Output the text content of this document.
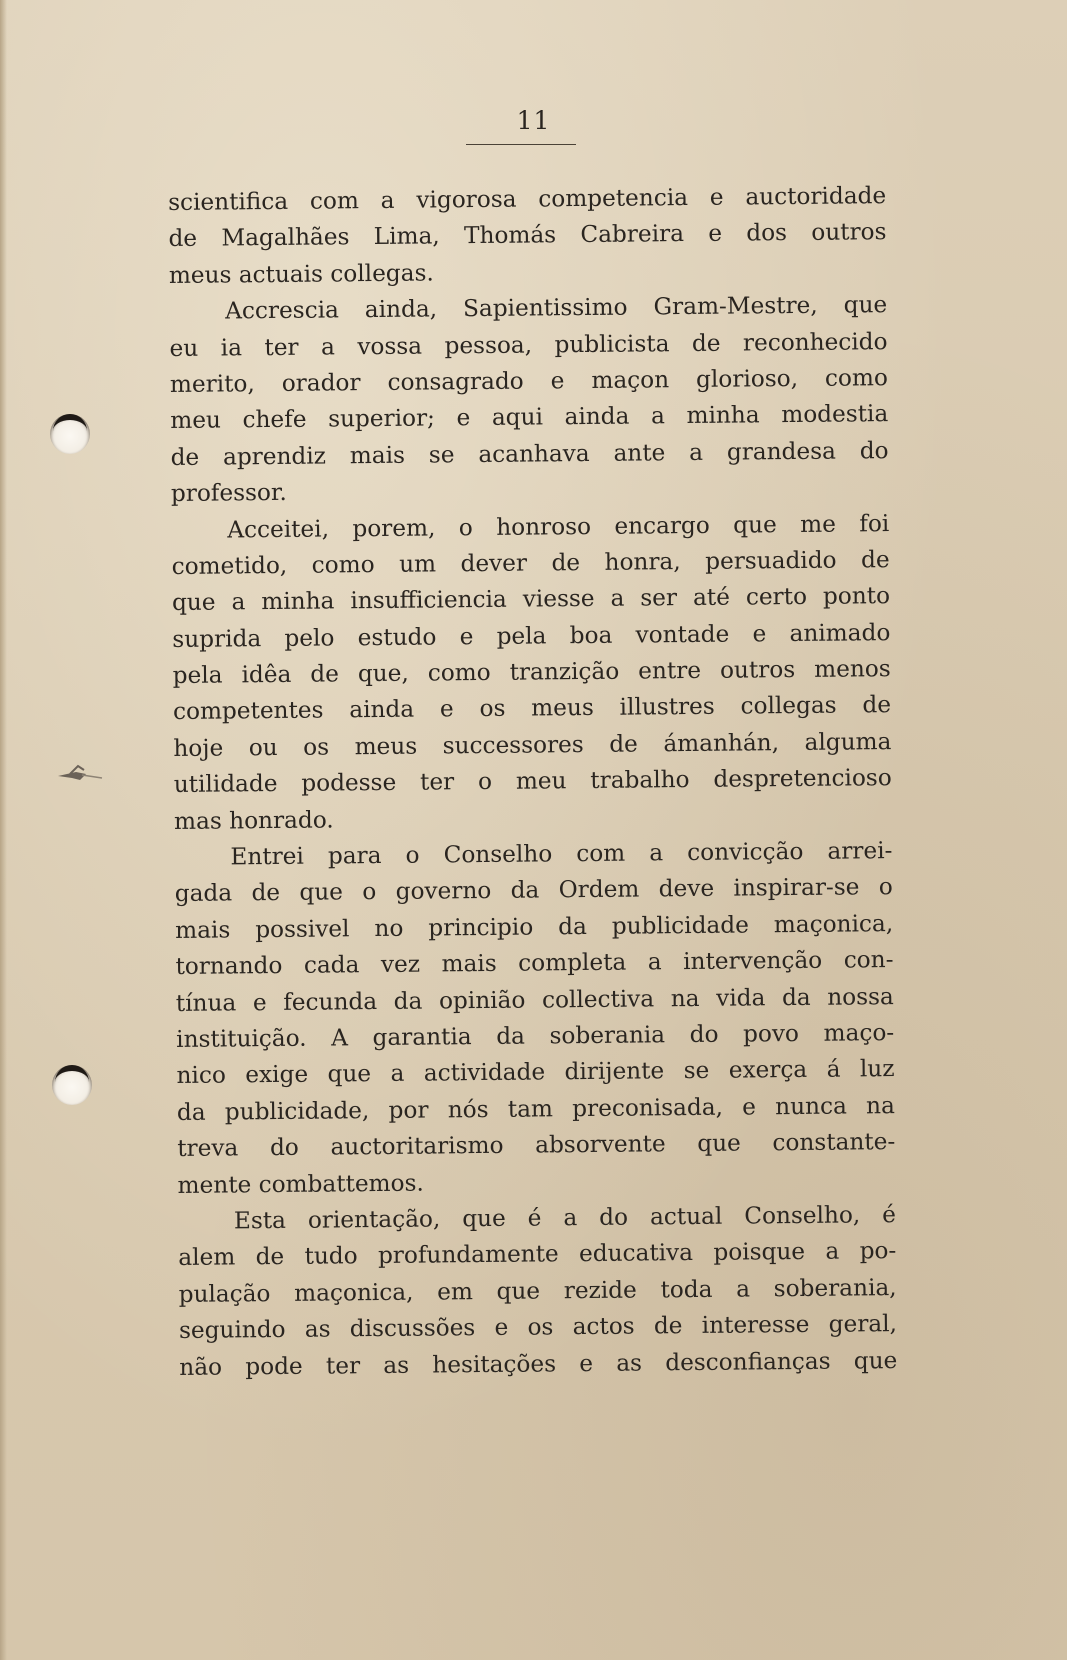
11
scientifica com a vigorosa competencia e auctoridade
de Magalhães Lima, Thomás Cabreira e dos outros
meus actuais collegas.
Accrescia ainda, Sapientissimo Gram-Mestre, que
eu ia ter a vossa pessoa, publicista de reconhecido
merito, orador consagrado e maçon glorioso, como
meu chefe superior; e aqui ainda a minha modestia
de aprendiz mais se acanhava ante a grandesa do
professor.
Acceitei, porem, o honroso encargo que me foi
cometido, como um dever de honra, persuadido de
que a minha insufficiencia viesse a ser até certo ponto
suprida pelo estudo e pela boa vontade e animado
pela idêa de que, como tranzição entre outros menos
competentes ainda e os meus illustres collegas de
hoje ou os meus successores de ámanhán, alguma
utilidade podesse ter o meu trabalho despretencioso
mas honrado.
Entrei para o Conselho com a convicção arrei-
gada de que o governo da Ordem deve inspirar-se o
mais possivel no principio da publicidade maçonica,
tornando cada vez mais completa a intervenção con-
tínua e fecunda da opinião collectiva na vida da nossa
instituição. A garantia da soberania do povo maço-
nico exige que a actividade dirijente se exerça á luz
da publicidade, por nós tam preconisada, e nunca na
treva do auctoritarismo absorvente que constante-
mente combattemos.
Esta orientação, que é a do actual Conselho, é
alem de tudo profundamente educativa poisque a po-
pulação maçonica, em que rezide toda a soberania,
seguindo as discussões e os actos de interesse geral,
não pode ter as hesitações e as desconfianças que
